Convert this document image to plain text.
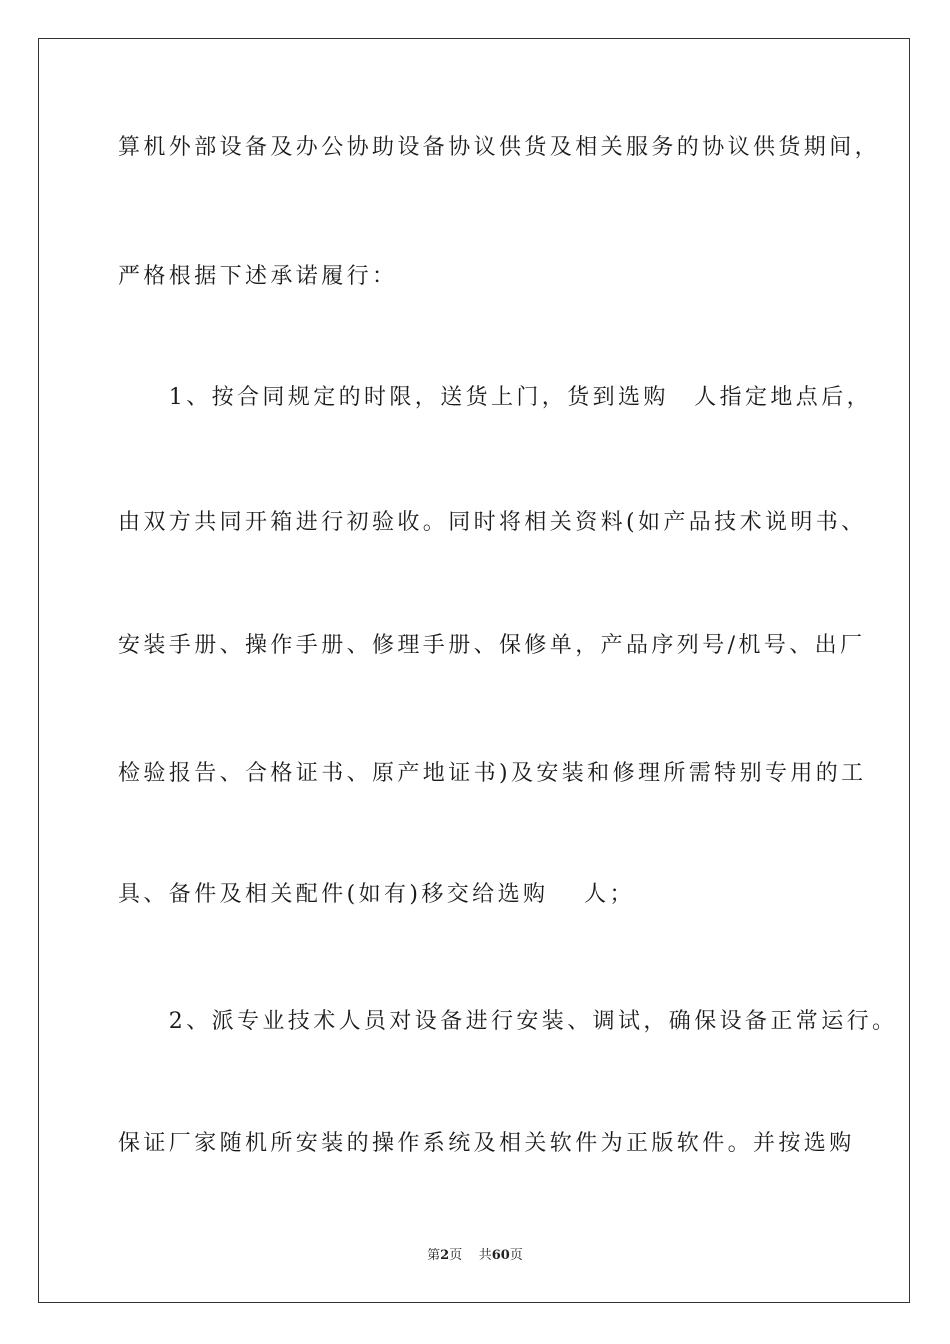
算机外部设备及办公协助设备协议供货及相关服务的协议供货期间，
严格根据下述承诺履行：
　　1、按合同规定的时限，送货上门，货到选购　人指定地点后，
由双方共同开箱进行初验收。同时将相关资料(如产品技术说明书、
安装手册、操作手册、修理手册、保修单，产品序列号/机号、出厂
检验报告、合格证书、原产地证书)及安装和修理所需特别专用的工
具、备件及相关配件(如有)移交给选购　 人；
　　2、派专业技术人员对设备进行安装、调试，确保设备正常运行。
保证厂家随机所安装的操作系统及相关软件为正版软件。并按选购
第2页 共60页
